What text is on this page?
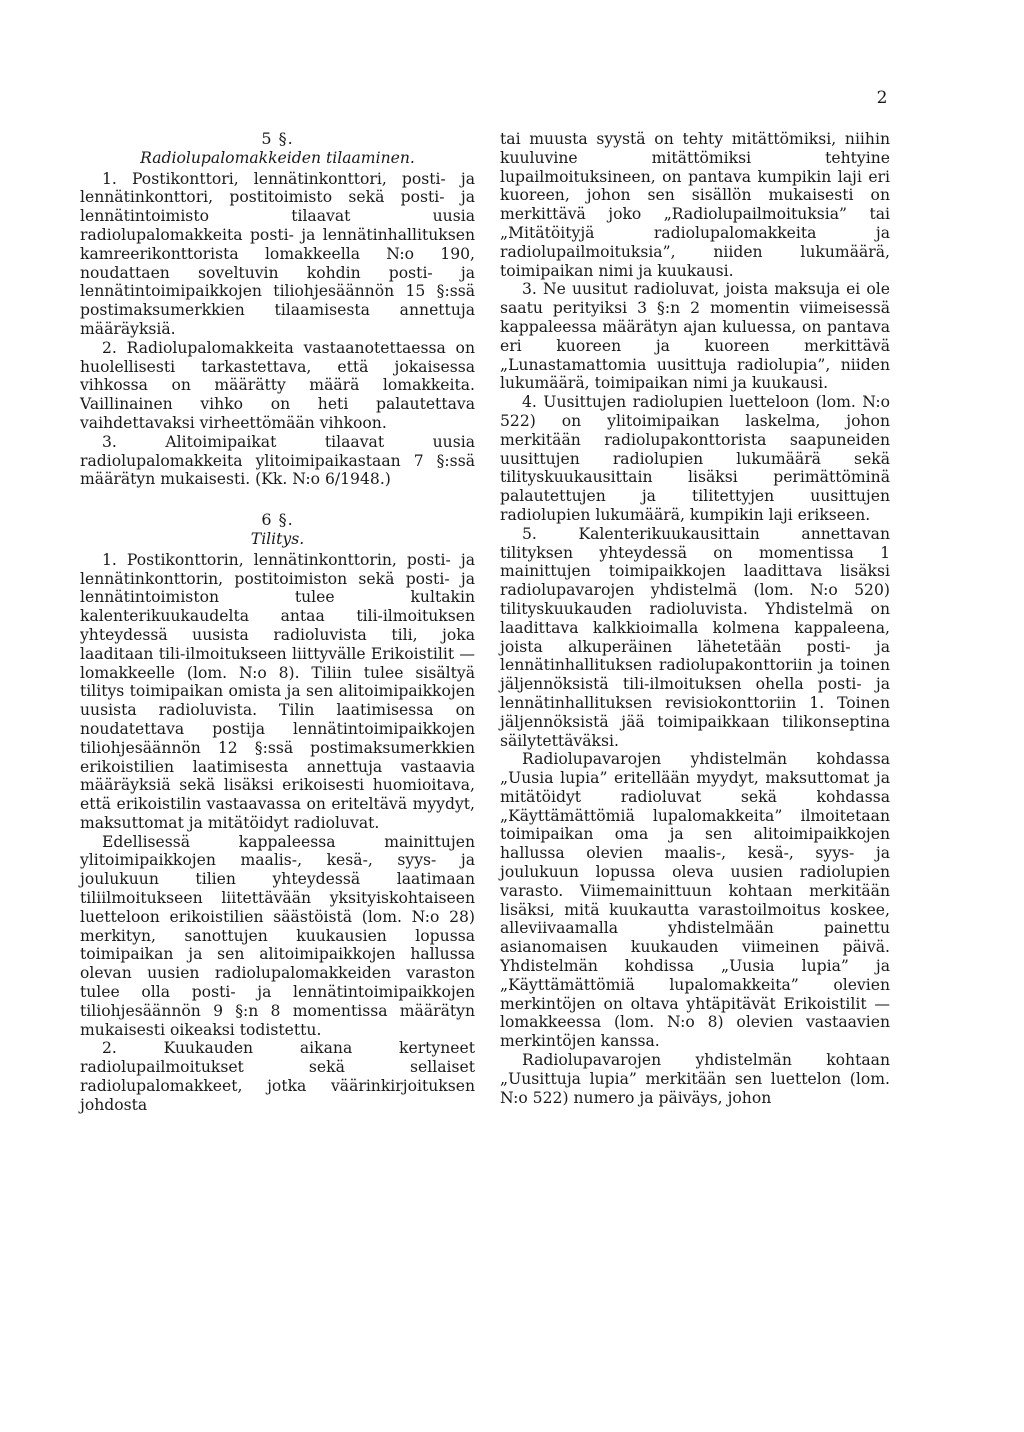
2
5 §.
Radiolupalomakkeiden tilaaminen.

1. Postikonttori, lennätinkonttori, posti- ja lennätinkonttori, postitoimisto sekä posti- ja lennätintoimisto tilaavat uusia radiolupalomakkeita posti- ja lennätinhallituksen kamreerikonttorista lomakkeella N:o 190, noudattaen soveltuvin kohdin posti- ja lennätintoimipaikkojen tiliohjesäännön 15 §:ssä postimaksumerkkien tilaamisesta annettuja määräyksiä.

2. Radiolupalomakkeita vastaanotettaessa on huolellisesti tarkastettava, että jokaisessa vihkossa on määrätty määrä lomakkeita. Vaillinainen vihko on heti palautettava vaihdettavaksi virheettömään vihkoon.

3. Alitoimipaikat tilaavat uusia radiolupalomakkeita ylitoimipaikastaan 7 §:ssä määrätyn mukaisesti. (Kk. N:o 6/1948.)

6 §.
Tilitys.

1. Postikonttorin, lennätinkonttorin, posti- ja lennätinkonttorin, postitoimiston sekä posti- ja lennätintoimiston tulee kultakin kalenterikuukaudelta antaa tili-ilmoituksen yhteydessä uusista radioluvista tili, joka laaditaan tili-ilmoitukseen liittyvälle Erikoistilit — lomakkeelle (lom. N:o 8). Tiliin tulee sisältyä tilitys toimipaikan omista ja sen alitoimipaikkojen uusista radioluvista. Tilin laatimisessa on noudatettava postija lennätintoimipaikkojen tiliohjesäännön 12 §:ssä postimaksumerkkien erikoistilien laatimisesta annettuja vastaavia määräyksiä sekä lisäksi erikoisesti huomioitava, että erikoistilin vastaavassa on eriteltävä myydyt, maksuttomat ja mitätöidyt radioluvat.

Edellisessä kappaleessa mainittujen ylitoimipaikkojen maalis-, kesä-, syys- ja joulukuun tilien yhteydessä laatimaan tiliilmoitukseen liitettävään yksityiskohtaiseen luetteloon erikoistilien säästöistä (lom. N:o 28) merkityn, sanottujen kuukausien lopussa toimipaikan ja sen alitoimipaikkojen hallussa olevan uusien radiolupalomakkeiden varaston tulee olla posti- ja lennätintoimipaikkojen tiliohjesäännön 9 §:n 8 momentissa määrätyn mukaisesti oikeaksi todistettu.

2. Kuukauden aikana kertyneet radiolupailmoitukset sekä sellaiset radiolupalomakkeet, jotka väärinkirjoituksen johdosta

tai muusta syystä on tehty mitättömiksi, niihin kuuluvine mitättömiksi tehtyine lupailmoituksineen, on pantava kumpikin laji eri kuoreen, johon sen sisällön mukaisesti on merkittävä joko „Radiolupailmoituksia” tai „Mitätöityjä radiolupalomakkeita ja radiolupailmoituksia”, niiden lukumäärä, toimipaikan nimi ja kuukausi.

3. Ne uusitut radioluvat, joista maksuja ei ole saatu perityiksi 3 §:n 2 momentin viimeisessä kappaleessa määrätyn ajan kuluessa, on pantava eri kuoreen ja kuoreen merkittävä „Lunastamattomia uusittuja radiolupia”, niiden lukumäärä, toimipaikan nimi ja kuukausi.

4. Uusittujen radiolupien luetteloon (lom. N:o 522) on ylitoimipaikan laskelma, johon merkitään radiolupakonttorista saapuneiden uusittujen radiolupien lukumäärä sekä tilityskuukausittain lisäksi perimättöminä palautettujen ja tilitettyjen uusittujen radiolupien lukumäärä, kumpikin laji erikseen.

5. Kalenterikuukausittain annettavan tilityksen yhteydessä on momentissa 1 mainittujen toimipaikkojen laadittava lisäksi radiolupavarojen yhdistelmä (lom. N:o 520) tilityskuukauden radioluvista. Yhdistelmä on laadittava kalkkioimalla kolmena kappaleena, joista alkuperäinen lähetetään posti- ja lennätinhallituksen radiolupakonttoriin ja toinen jäljennöksistä tili-ilmoituksen ohella posti- ja lennätinhallituksen revisiokonttoriin 1. Toinen jäljennöksistä jää toimipaikkaan tilikonseptina säilytettäväksi.

Radiolupavarojen yhdistelmän kohdassa „Uusia lupia” eritellään myydyt, maksuttomat ja mitätöidyt radioluvat sekä kohdassa „Käyttämättömiä lupalomakkeita” ilmoitetaan toimipaikan oma ja sen alitoimipaikkojen hallussa olevien maalis-, kesä-, syys- ja joulukuun lopussa oleva uusien radiolupien varasto. Viimemainittuun kohtaan merkitään lisäksi, mitä kuukautta varastoilmoitus koskee, alleviivaamalla yhdistelmään painettu asianomaisen kuukauden viimeinen päivä. Yhdistelmän kohdissa „Uusia lupia” ja „Käyttämättömiä lupalomakkeita” olevien merkintöjen on oltava yhtäpitävät Erikoistilit — lomakkeessa (lom. N:o 8) olevien vastaavien merkintöjen kanssa.

Radiolupavarojen yhdistelmän kohtaan „Uusittuja lupia” merkitään sen luettelon (lom. N:o 522) numero ja päiväys, johon
